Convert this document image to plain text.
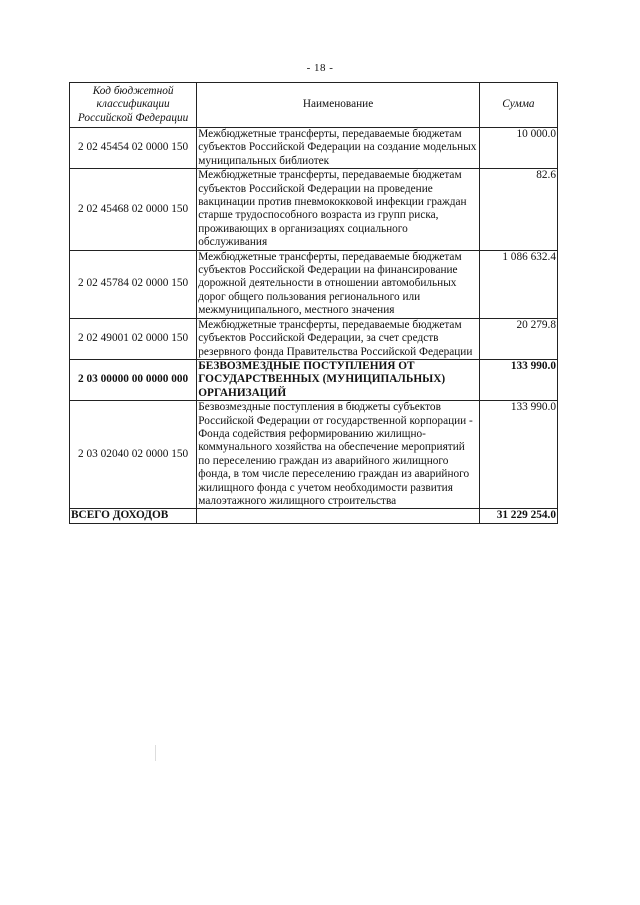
- 18 -
Код бюджетной классификации Российской Федерации	Наименование	Сумма
2 02 45454 02 0000 150	Межбюджетные трансферты, передаваемые бюджетам субъектов Российской Федерации на создание модельных муниципальных библиотек	10 000.0
2 02 45468 02 0000 150	Межбюджетные трансферты, передаваемые бюджетам субъектов Российской Федерации на проведение вакцинации против пневмококковой инфекции граждан старше трудоспособного возраста из групп риска, проживающих в организациях социального обслуживания	82.6
2 02 45784 02 0000 150	Межбюджетные трансферты, передаваемые бюджетам субъектов Российской Федерации на финансирование дорожной деятельности в отношении автомобильных дорог общего пользования регионального или межмуниципального, местного значения	1 086 632.4
2 02 49001 02 0000 150	Межбюджетные трансферты, передаваемые бюджетам субъектов Российской Федерации, за счет средств резервного фонда Правительства Российской Федерации	20 279.8
2 03 00000 00 0000 000	БЕЗВОЗМЕЗДНЫЕ ПОСТУПЛЕНИЯ ОТ ГОСУДАРСТВЕННЫХ (МУНИЦИПАЛЬНЫХ) ОРГАНИЗАЦИЙ	133 990.0
2 03 02040 02 0000 150	Безвозмездные поступления в бюджеты субъектов Российской Федерации от государственной корпорации - Фонда содействия реформированию жилищно-коммунального хозяйства на обеспечение мероприятий по переселению граждан из аварийного жилищного фонда, в том числе переселению граждан из аварийного жилищного фонда с учетом необходимости развития малоэтажного жилищного строительства	133 990.0
ВСЕГО ДОХОДОВ		31 229 254.0
